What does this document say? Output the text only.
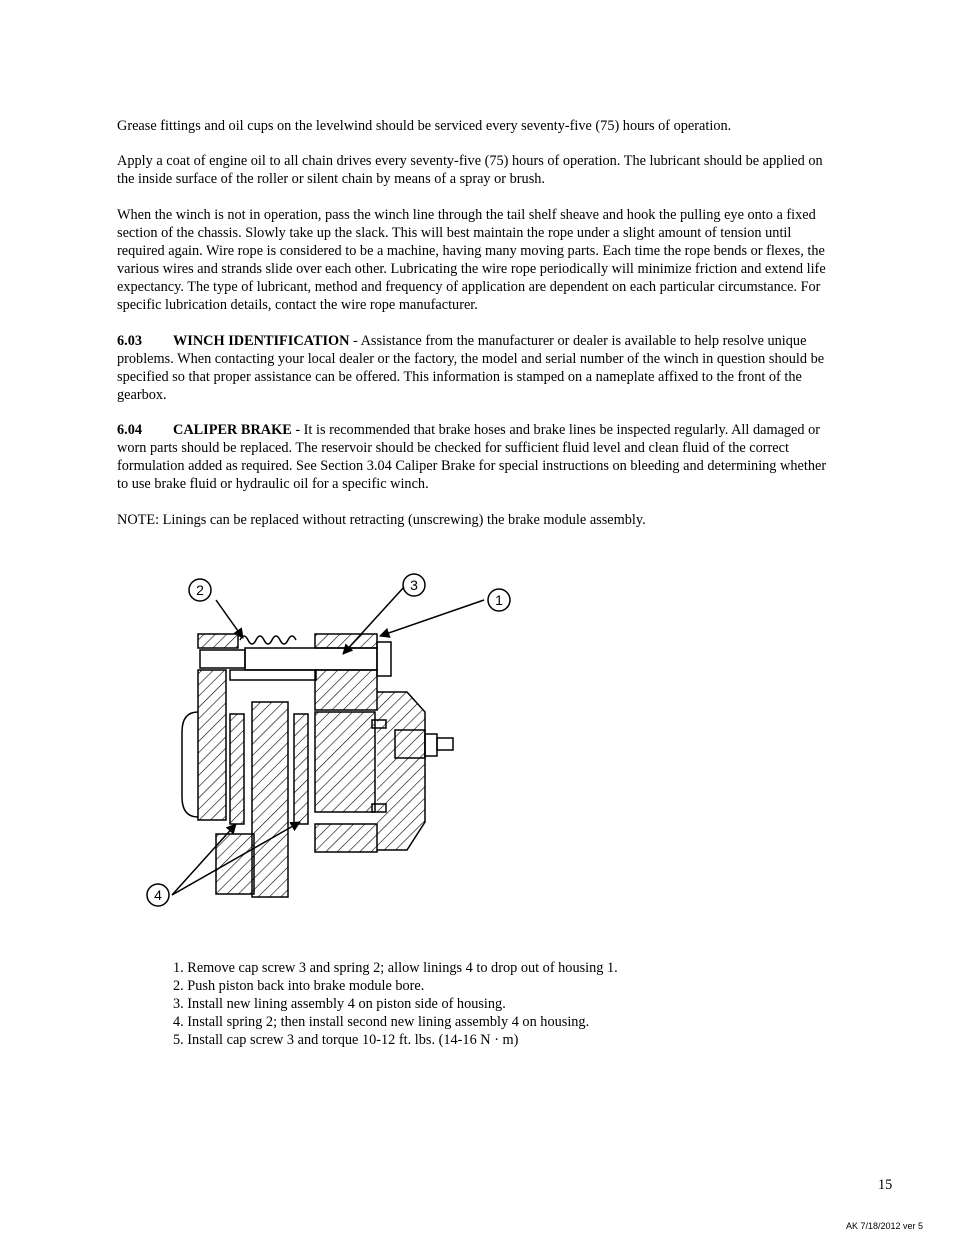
Grease fittings and oil cups on the levelwind should be serviced every seventy-five (75) hours of operation.

Apply a coat of engine oil to all chain drives every seventy-five (75) hours of operation. The lubricant should be applied on the inside surface of the roller or silent chain by means of a spray or brush.

When the winch is not in operation, pass the winch line through the tail shelf sheave and hook the pulling eye onto a fixed section of the chassis. Slowly take up the slack. This will best maintain the rope under a slight amount of tension until required again. Wire rope is considered to be a machine, having many moving parts. Each time the rope bends or flexes, the various wires and strands slide over each other. Lubricating the wire rope periodically will minimize friction and extend life expectancy. The type of lubricant, method and frequency of application are dependent on each particular circumstance. For specific lubrication details, contact the wire rope manufacturer.

6.03 WINCH IDENTIFICATION - Assistance from the manufacturer or dealer is available to help resolve unique problems. When contacting your local dealer or the factory, the model and serial number of the winch in question should be specified so that proper assistance can be offered. This information is stamped on a nameplate affixed to the front of the gearbox.

6.04 CALIPER BRAKE - It is recommended that brake hoses and brake lines be inspected regularly. All damaged or worn parts should be replaced. The reservoir should be checked for sufficient fluid level and clean fluid of the correct formulation added as required. See Section 3.04 Caliper Brake for special instructions on bleeding and determining whether to use brake fluid or hydraulic oil for a specific winch.

NOTE: Linings can be replaced without retracting (unscrewing) the brake module assembly.

2	3
1
4
1. Remove cap screw 3 and spring 2; allow linings 4 to drop out of housing 1.
2. Push piston back into brake module bore.
3. Install new lining assembly 4 on piston side of housing.
4. Install spring 2; then install second new lining assembly 4 on housing.
5. Install cap screw 3 and torque 10-12 ft. lbs. (14-16 N · m)
15
AK 7/18/2012 ver 5
